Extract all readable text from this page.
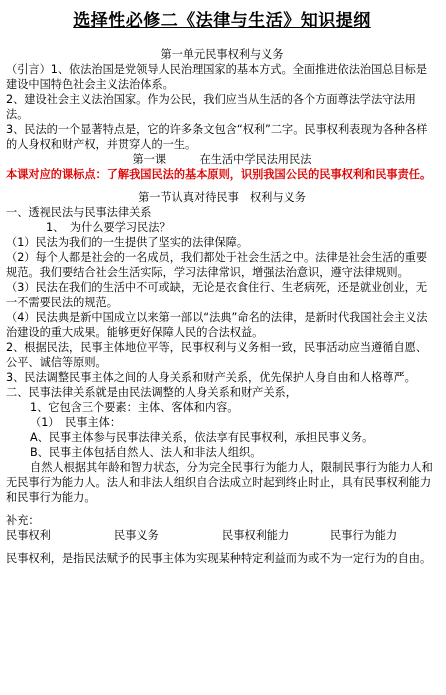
选择性必修二《法律与生活》知识提纲

第一单元民事权利与义务

（引言）1、依法治国是党领导人民治理国家的基本方式。全面推进依法治国总目标是建设中国特色社会主义法治体系。

2、建设社会主义法治国家。作为公民，我们应当从生活的各个方面尊法学法守法用法。

3、民法的一个显著特点是，它的许多条文包含“权利”二字。民事权利表现为各种各样的人身权和财产权，并贯穿人的一生。

第一课　　　在生活中学民法用民法

本课对应的课标点：了解我国民法的基本原则，识别我国公民的民事权利和民事责任。

第一节认真对待民事　权利与义务

一、透视民法与民事法律关系

1、　为什么要学习民法？

（1）民法为我们的一生提供了坚实的法律保障。

（2）每个人都是社会的一名成员，我们都处于社会生活之中。法律是社会生活的重要规范。我们要结合社会生活实际，学习法律常识，增强法治意识，遵守法律规则。

（3）民法在我们的生活中不可或缺，无论是衣食住行、生老病死，还是就业创业，无一不需要民法的规范。

（4）民法典是新中国成立以来第一部以“法典”命名的法律，是新时代我国社会主义法治建设的重大成果。能够更好保障人民的合法权益。

2、根据民法，民事主体地位平等，民事权利与义务相一致，民事活动应当遵循自愿、公平、诚信等原则。

3、民法调整民事主体之间的人身关系和财产关系，优先保护人身自由和人格尊严。

二、民事法律关系就是由民法调整的人身关系和财产关系，

1、它包含三个要素：主体、客体和内容。

（1）　民事主体：

A、民事主体参与民事法律关系，依法享有民事权利，承担民事义务。

B、民事主体包括自然人、法人和非法人组织。

自然人根据其年龄和智力状态，分为完全民事行为能力人，限制民事行为能力人和无民事行为能力人。法人和非法人组织自合法成立时起到终止时止，具有民事权利能力和民事行为能力。

补充：

民事权利	民事义务	民事权利能力	民事行为能力

民事权利，是指民法赋予的民事主体为实现某种特定利益而为或不为一定行为的自由。
